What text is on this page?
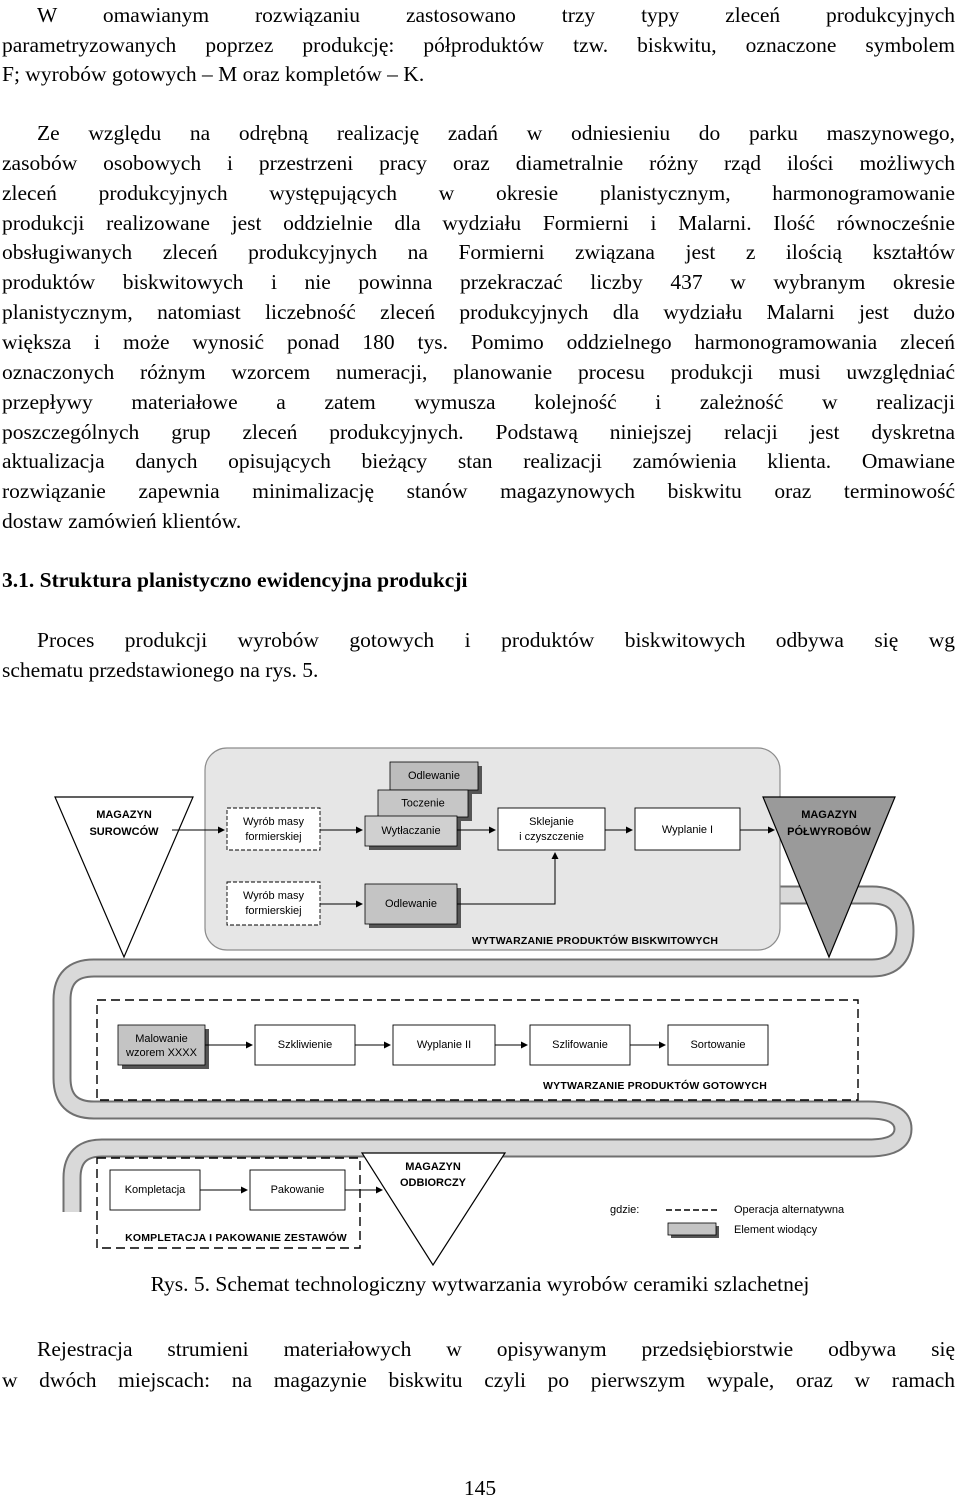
W omawianym rozwiązaniu zastosowano trzy typy zleceń produkcyjnych
parametryzowanych poprzez produkcję: półproduktów tzw. biskwitu, oznaczone symbolem
F; wyrobów gotowych – M oraz kompletów – K.
Ze względu na odrębną realizację zadań w odniesieniu do parku maszynowego,
zasobów osobowych i przestrzeni pracy oraz diametralnie różny rząd ilości możliwych
zleceń produkcyjnych występujących w okresie planistycznym, harmonogramowanie
produkcji realizowane jest oddzielnie dla wydziału Formierni i Malarni. Ilość równocześnie
obsługiwanych zleceń produkcyjnych na Formierni związana jest z ilością kształtów
produktów biskwitowych i nie powinna przekraczać liczby 437 w wybranym okresie
planistycznym, natomiast liczebność zleceń produkcyjnych dla wydziału Malarni jest dużo
większa i może wynosić ponad 180 tys. Pomimo oddzielnego harmonogramowania zleceń
oznaczonych różnym wzorcem numeracji, planowanie procesu produkcji musi uwzględniać
przepływy materiałowe a zatem wymusza kolejność i zależność w realizacji
poszczególnych grup zleceń produkcyjnych. Podstawą niniejszej relacji jest dyskretna
aktualizacja danych opisujących bieżący stan realizacji zamówienia klienta. Omawiane
rozwiązanie zapewnia minimalizację stanów magazynowych biskwitu oraz terminowość
dostaw zamówień klientów.
3.1. Struktura planistyczno ewidencyjna produkcji
Proces produkcji wyrobów gotowych i produktów biskwitowych odbywa się wg
schematu przedstawionego na rys. 5.
Rys. 5. Schemat technologiczny wytwarzania wyrobów ceramiki szlachetnej
Rejestracja strumieni materiałowych w opisywanym przedsiębiorstwie odbywa się
w dwóch miejscach: na magazynie biskwitu czyli po pierwszym wypale, oraz w ramach
145
MAGAZYN
SUROWCÓW
Wyrób masy
formierskiej
Odlewanie
Toczenie
Wytłaczanie
Sklejanie
i czyszczenie
Wyplanie I
MAGAZYN
PÓŁWYROBÓW
Wyrób masy
formierskiej
Odlewanie
WYTWARZANIE PRODUKTÓW BISKWITOWYCH
Malowanie
wzorem XXXX
Szkliwienie	Wyplanie II	Szlifowanie	Sortowanie
WYTWARZANIE PRODUKTÓW GOTOWYCH
Kompletacja	Pakowanie
KOMPLETACJA I PAKOWANIE ZESTAWÓW
MAGAZYN
ODBIORCZY
gdzie:	Operacja alternatywna
Element wiodący
